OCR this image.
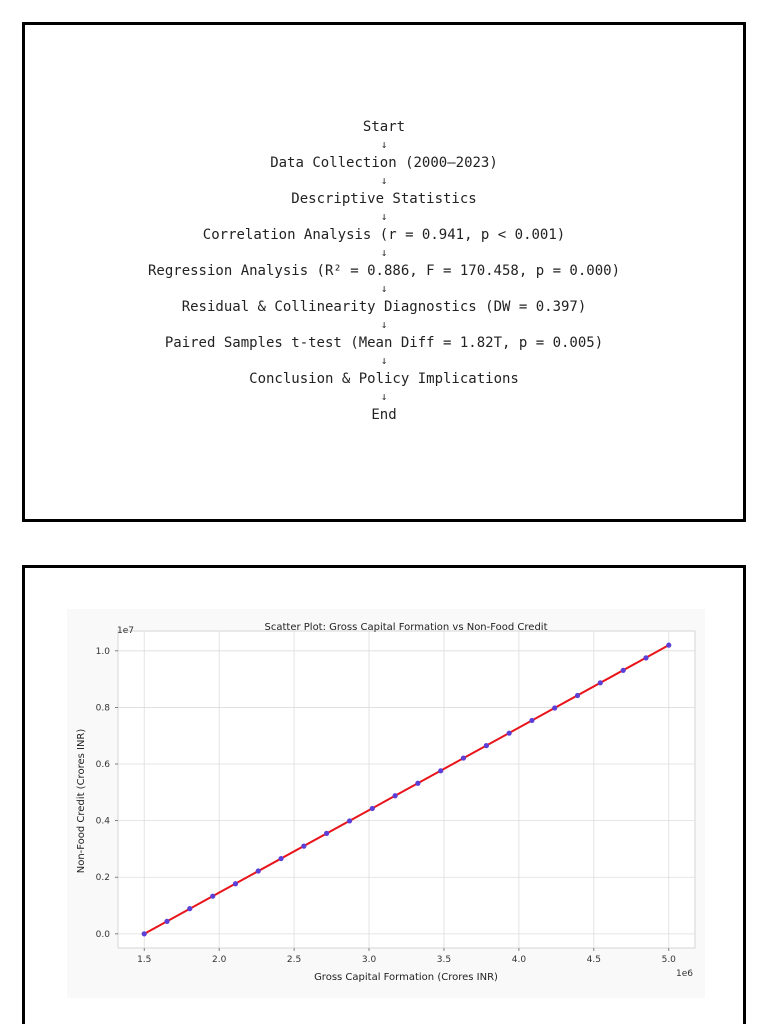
Start
↓
Data Collection (2000–2023)
↓
Descriptive Statistics
↓
Correlation Analysis (r = 0.941, p < 0.001)
↓
Regression Analysis (R² = 0.886, F = 170.458, p = 0.000)
↓
Residual & Collinearity Diagnostics (DW = 0.397)
↓
Paired Samples t-test (Mean Diff = 1.82T, p = 0.005)
↓
Conclusion & Policy Implications
↓
End
1.5	2.0	2.5	3.0	3.5	4.0	4.5	5.0
0.0
0.2
0.4
0.6
0.8
1.0
Scatter Plot: Gross Capital Formation vs Non-Food Credit
1e7
1e6
Gross Capital Formation (Crores INR)
Non-Food Credit (Crores INR)
